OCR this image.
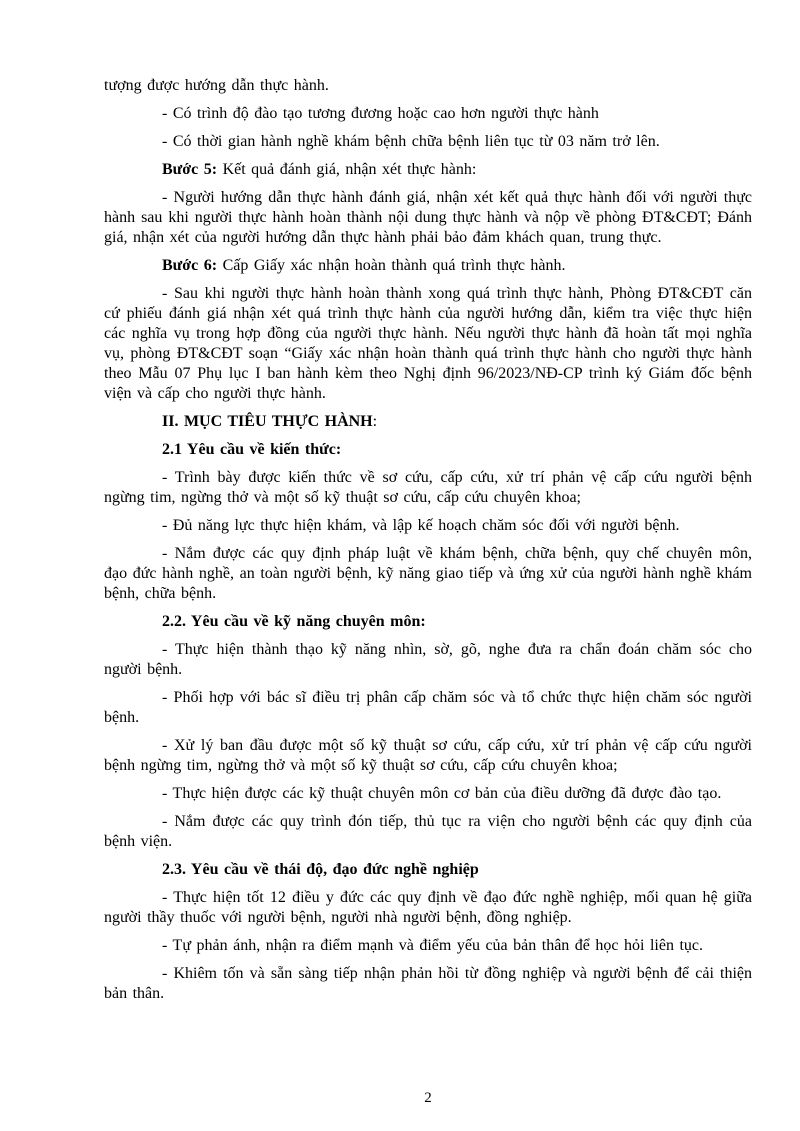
tượng được hướng dẫn thực hành.

- Có trình độ đào tạo tương đương hoặc cao hơn người thực hành

- Có thời gian hành nghề khám bệnh chữa bệnh liên tục từ 03 năm trở lên.

Bước 5: Kết quả đánh giá, nhận xét thực hành:

- Người hướng dẫn thực hành đánh giá, nhận xét kết quả thực hành đối với người thực hành sau khi người thực hành hoàn thành nội dung thực hành và nộp về phòng ĐT&CĐT; Đánh giá, nhận xét của người hướng dẫn thực hành phải bảo đảm khách quan, trung thực.

Bước 6: Cấp Giấy xác nhận hoàn thành quá trình thực hành.

- Sau khi người thực hành hoàn thành xong quá trình thực hành, Phòng ĐT&CĐT căn cứ phiếu đánh giá nhận xét quá trình thực hành của người hướng dẫn, kiểm tra việc thực hiện các nghĩa vụ trong hợp đồng của người thực hành. Nếu người thực hành đã hoàn tất mọi nghĩa vụ, phòng ĐT&CĐT soạn “Giấy xác nhận hoàn thành quá trình thực hành cho người thực hành theo Mẫu 07 Phụ lục I ban hành kèm theo Nghị định 96/2023/NĐ-CP trình ký Giám đốc bệnh viện và cấp cho người thực hành.

II. MỤC TIÊU THỰC HÀNH:

2.1 Yêu cầu về kiến thức:

- Trình bày được kiến thức về sơ cứu, cấp cứu, xử trí phản vệ cấp cứu người bệnh ngừng tim, ngừng thở và một số kỹ thuật sơ cứu, cấp cứu chuyên khoa;

- Đủ năng lực thực hiện khám, và lập kế hoạch chăm sóc đối với người bệnh.

- Nắm được các quy định pháp luật về khám bệnh, chữa bệnh, quy chế chuyên môn, đạo đức hành nghề, an toàn người bệnh, kỹ năng giao tiếp và ứng xử của người hành nghề khám bệnh, chữa bệnh.

2.2. Yêu cầu về kỹ năng chuyên môn:

- Thực hiện thành thạo kỹ năng nhìn, sờ, gõ, nghe đưa ra chẩn đoán chăm sóc cho người bệnh.

- Phối hợp với bác sĩ điều trị phân cấp chăm sóc và tổ chức thực hiện chăm sóc người bệnh.

- Xử lý ban đầu được một số kỹ thuật sơ cứu, cấp cứu, xử trí phản vệ cấp cứu người bệnh ngừng tim, ngừng thở và một số kỹ thuật sơ cứu, cấp cứu chuyên khoa;

- Thực hiện được các kỹ thuật chuyên môn cơ bản của điều dưỡng đã được đào tạo.

- Nắm được các quy trình đón tiếp, thủ tục ra viện cho người bệnh các quy định của bệnh viện.

2.3. Yêu cầu về thái độ, đạo đức nghề nghiệp

- Thực hiện tốt 12 điều y đức các quy định về đạo đức nghề nghiệp, mối quan hệ giữa người thầy thuốc với người bệnh, người nhà người bệnh, đồng nghiệp.

- Tự phản ánh, nhận ra điểm mạnh và điểm yếu của bản thân để học hỏi liên tục.

- Khiêm tốn và sẵn sàng tiếp nhận phản hồi từ đồng nghiệp và người bệnh để cải thiện bản thân.

2
